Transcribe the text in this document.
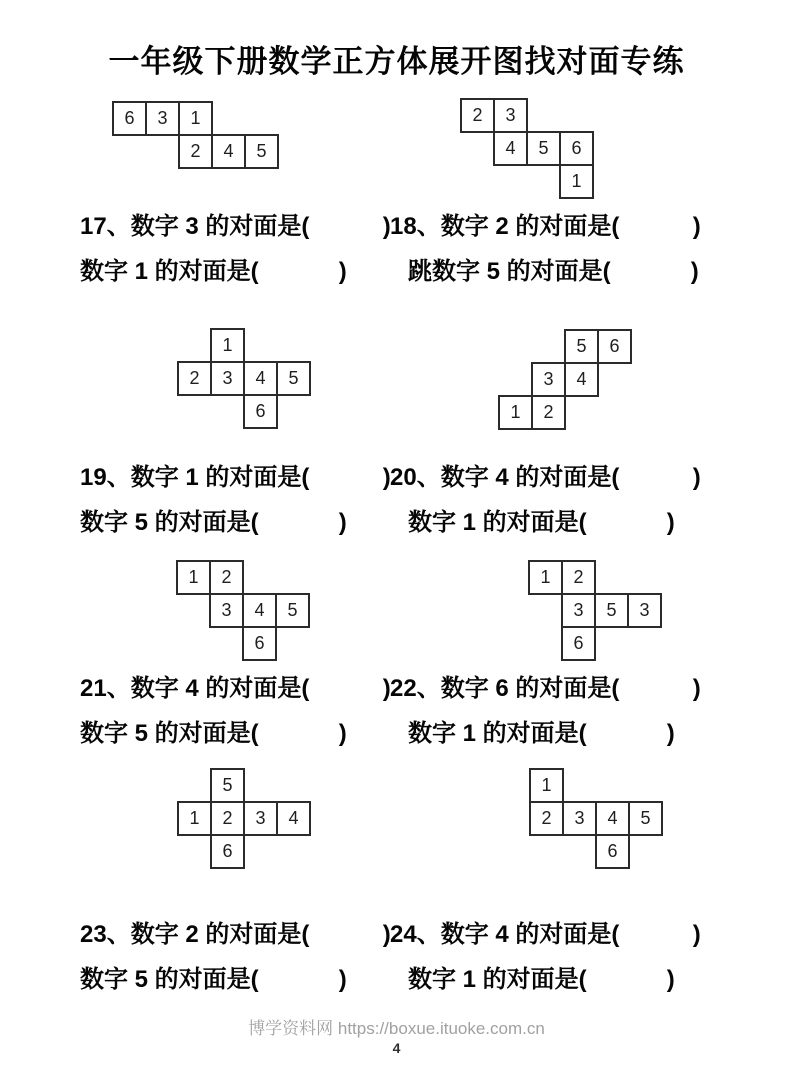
一年级下册数学正方体展开图找对面专练
6	3	1
2	4	5
2	3
4	5	6
1
1
2	3	4	5
6
5	6
3	4
1	2
1	2
3	4	5
6
1	2
3	5	3
6
5
1	2	3	4
6
1
2	3	4	5
6
17、数字 3 的对面是(           ) 18、数字 2 的对面是(           )
数字 1 的对面是(            )	跳数字 5 的对面是(            )
19、数字 1 的对面是(           ) 20、数字 4 的对面是(           )
数字 5 的对面是(            )	数字 1 的对面是(            )
21、数字 4 的对面是(           ) 22、数字 6 的对面是(           )
数字 5 的对面是(            )	数字 1 的对面是(            )
23、数字 2 的对面是(           ) 24、数字 4 的对面是(           )
数字 5 的对面是(            )	数字 1 的对面是(            )
博学资料网 https://boxue.ituoke.com.cn
4
